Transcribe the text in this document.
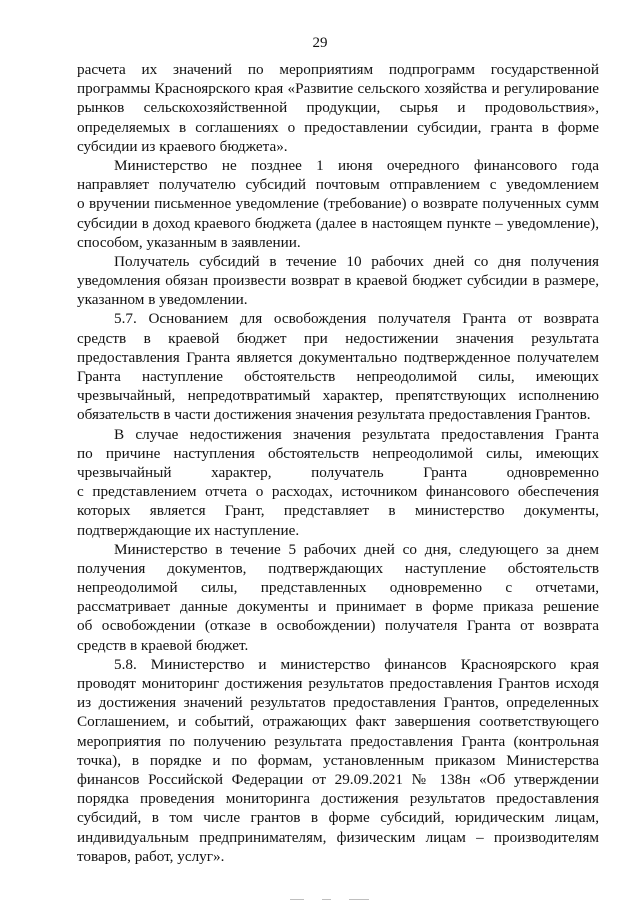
29
расчета их значений по мероприятиям подпрограмм государственной
программы Красноярского края «Развитие сельского хозяйства и регулирование
рынков сельскохозяйственной продукции, сырья и продовольствия»,
определяемых в соглашениях о предоставлении субсидии, гранта в форме
субсидии из краевого бюджета».
Министерство не позднее 1 июня очередного финансового года
направляет получателю субсидий почтовым отправлением с уведомлением
о вручении письменное уведомление (требование) о возврате полученных сумм
субсидии в доход краевого бюджета (далее в настоящем пункте – уведомление),
способом, указанным в заявлении.
Получатель субсидий в течение 10 рабочих дней со дня получения
уведомления обязан произвести возврат в краевой бюджет субсидии в размере,
указанном в уведомлении.
5.7. Основанием для освобождения получателя Гранта от возврата
средств в краевой бюджет при недостижении значения результата
предоставления Гранта является документально подтвержденное получателем
Гранта наступление обстоятельств непреодолимой силы, имеющих
чрезвычайный, непредотвратимый характер, препятствующих исполнению
обязательств в части достижения значения результата предоставления Грантов.
В случае недостижения значения результата предоставления Гранта
по причине наступления обстоятельств непреодолимой силы, имеющих
чрезвычайный характер, получатель Гранта одновременно
с представлением отчета о расходах, источником финансового обеспечения
которых является Грант, представляет в министерство документы,
подтверждающие их наступление.
Министерство в течение 5 рабочих дней со дня, следующего за днем
получения документов, подтверждающих наступление обстоятельств
непреодолимой силы, представленных одновременно с отчетами,
рассматривает данные документы и принимает в форме приказа решение
об освобождении (отказе в освобождении) получателя Гранта от возврата
средств в краевой бюджет.
5.8. Министерство и министерство финансов Красноярского края
проводят мониторинг достижения результатов предоставления Грантов исходя
из достижения значений результатов предоставления Грантов, определенных
Соглашением, и событий, отражающих факт завершения соответствующего
мероприятия по получению результата предоставления Гранта (контрольная
точка), в порядке и по формам, установленным приказом Министерства
финансов Российской Федерации от 29.09.2021 № 138н «Об утверждении
порядка проведения мониторинга достижения результатов предоставления
субсидий, в том числе грантов в форме субсидий, юридическим лицам,
индивидуальным предпринимателям, физическим лицам – производителям
товаров, работ, услуг».
